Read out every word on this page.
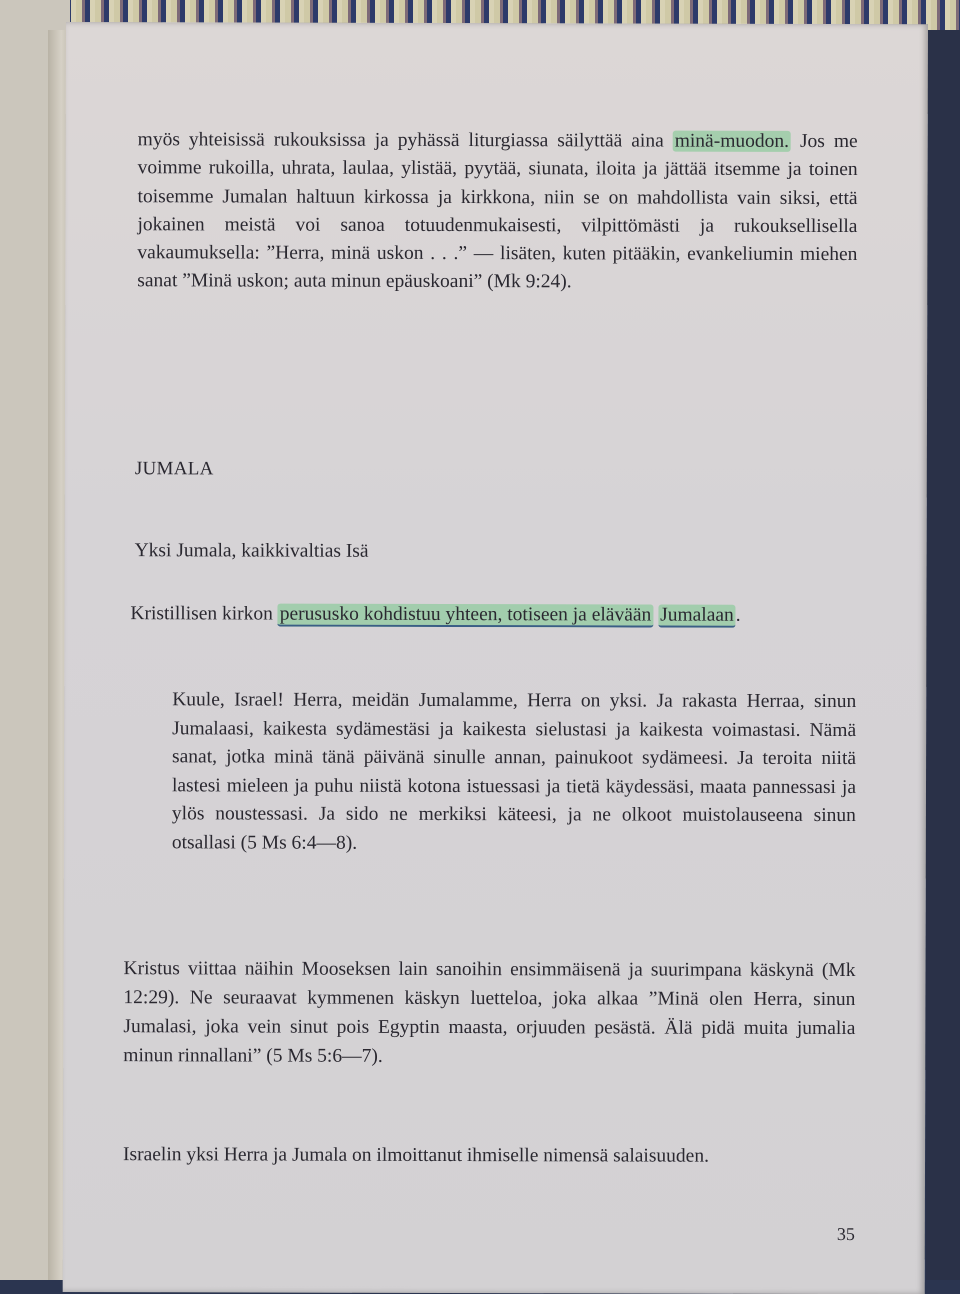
myös yhteisissä rukouksissa ja pyhässä liturgiassa säilyttää aina minä-muodon. Jos me voimme rukoilla, uhrata, laulaa, ylistää, pyytää, siunata, iloita ja jättää itsemme ja toinen toisemme Jumalan haltuun kirkossa ja kirkkona, niin se on mahdollista vain siksi, että jokainen meistä voi sanoa totuudenmukaisesti, vilpittömästi ja rukouksellisella vakaumuksella: ”Herra, minä uskon . . .” — lisäten, kuten pitääkin, evankeliumin miehen sanat ”Minä uskon; auta minun epäuskoani” (Mk 9:24).
JUMALA
Yksi Jumala, kaikkivaltias Isä
Kristillisen kirkon perususko kohdistuu yhteen, totiseen ja elävään Jumalaan.
Kuule, Israel! Herra, meidän Jumalamme, Herra on yksi. Ja rakasta Herraa, sinun Jumalaasi, kaikesta sydämestäsi ja kaikesta sielustasi ja kaikesta voimastasi. Nämä sanat, jotka minä tänä päivänä sinulle annan, painukoot sydämeesi. Ja teroita niitä lastesi mieleen ja puhu niistä kotona istuessasi ja tietä käydessäsi, maata pannessasi ja ylös noustessasi. Ja sido ne merkiksi käteesi, ja ne olkoot muistolauseena sinun otsallasi (5 Ms 6:4—8).
Kristus viittaa näihin Mooseksen lain sanoihin ensimmäisenä ja suurimpana käskynä (Mk 12:29). Ne seuraavat kymmenen käskyn luetteloa, joka alkaa ”Minä olen Herra, sinun Jumalasi, joka vein sinut pois Egyptin maasta, orjuuden pesästä. Älä pidä muita jumalia minun rinnallani” (5 Ms 5:6—7).
Israelin yksi Herra ja Jumala on ilmoittanut ihmiselle nimensä salaisuuden.
35
